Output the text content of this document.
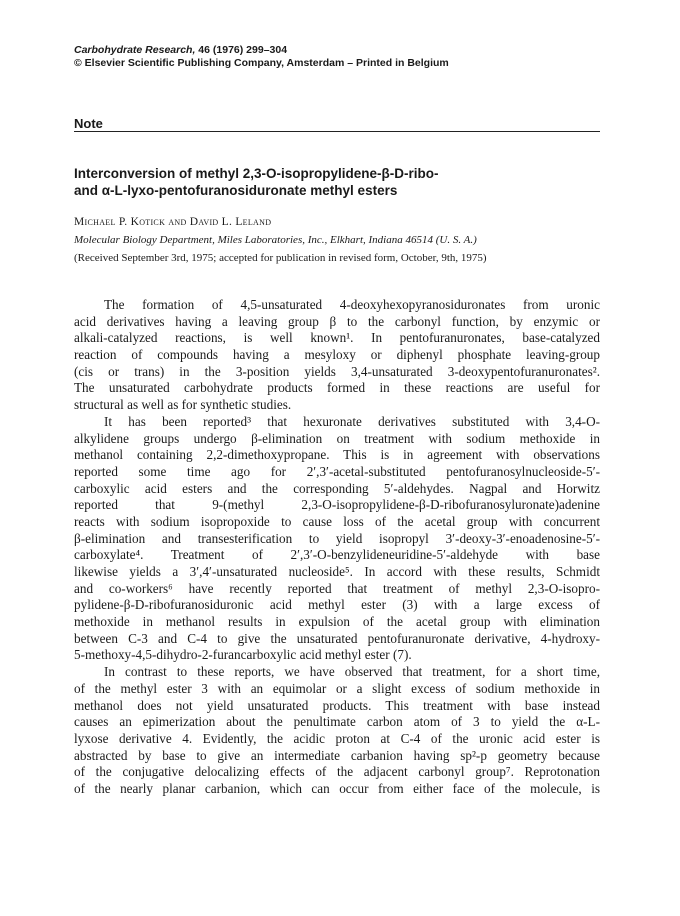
Carbohydrate Research, 46 (1976) 299–304
© Elsevier Scientific Publishing Company, Amsterdam – Printed in Belgium
Note
Interconversion of methyl 2,3-O-isopropylidene-β-D-ribo-
and α-L-lyxo-pentofuranosiduronate methyl esters
Michael P. Kotick and David L. Leland
Molecular Biology Department, Miles Laboratories, Inc., Elkhart, Indiana 46514 (U. S. A.)
(Received September 3rd, 1975; accepted for publication in revised form, October, 9th, 1975)
The formation of 4,5-unsaturated 4-deoxyhexopyranosiduronates from uronic
acid derivatives having a leaving group β to the carbonyl function, by enzymic or
alkali-catalyzed reactions, is well known¹. In pentofuranuronates, base-catalyzed
reaction of compounds having a mesyloxy or diphenyl phosphate leaving-group
(cis or trans) in the 3-position yields 3,4-unsaturated 3-deoxypentofuranuronates².
The unsaturated carbohydrate products formed in these reactions are useful for
structural as well as for synthetic studies.
It has been reported³ that hexuronate derivatives substituted with 3,4-O-
alkylidene groups undergo β-elimination on treatment with sodium methoxide in
methanol containing 2,2-dimethoxypropane. This is in agreement with observations
reported some time ago for 2′,3′-acetal-substituted pentofuranosylnucleoside-5′-
carboxylic acid esters and the corresponding 5′-aldehydes. Nagpal and Horwitz
reported that 9-(methyl 2,3-O-isopropylidene-β-D-ribofuranosyluronate)adenine
reacts with sodium isopropoxide to cause loss of the acetal group with concurrent
β-elimination and transesterification to yield isopropyl 3′-deoxy-3′-enoadenosine-5′-
carboxylate⁴. Treatment of 2′,3′-O-benzylideneuridine-5′-aldehyde with base
likewise yields a 3′,4′-unsaturated nucleoside⁵. In accord with these results, Schmidt
and co-workers⁶ have recently reported that treatment of methyl 2,3-O-isopro-
pylidene-β-D-ribofuranosiduronic acid methyl ester (3) with a large excess of
methoxide in methanol results in expulsion of the acetal group with elimination
between C-3 and C-4 to give the unsaturated pentofuranuronate derivative, 4-hydroxy-
5-methoxy-4,5-dihydro-2-furancarboxylic acid methyl ester (7).
In contrast to these reports, we have observed that treatment, for a short time,
of the methyl ester 3 with an equimolar or a slight excess of sodium methoxide in
methanol does not yield unsaturated products. This treatment with base instead
causes an epimerization about the penultimate carbon atom of 3 to yield the α-L-
lyxose derivative 4. Evidently, the acidic proton at C-4 of the uronic acid ester is
abstracted by base to give an intermediate carbanion having sp²-p geometry because
of the conjugative delocalizing effects of the adjacent carbonyl group⁷. Reprotonation
of the nearly planar carbanion, which can occur from either face of the molecule, is
